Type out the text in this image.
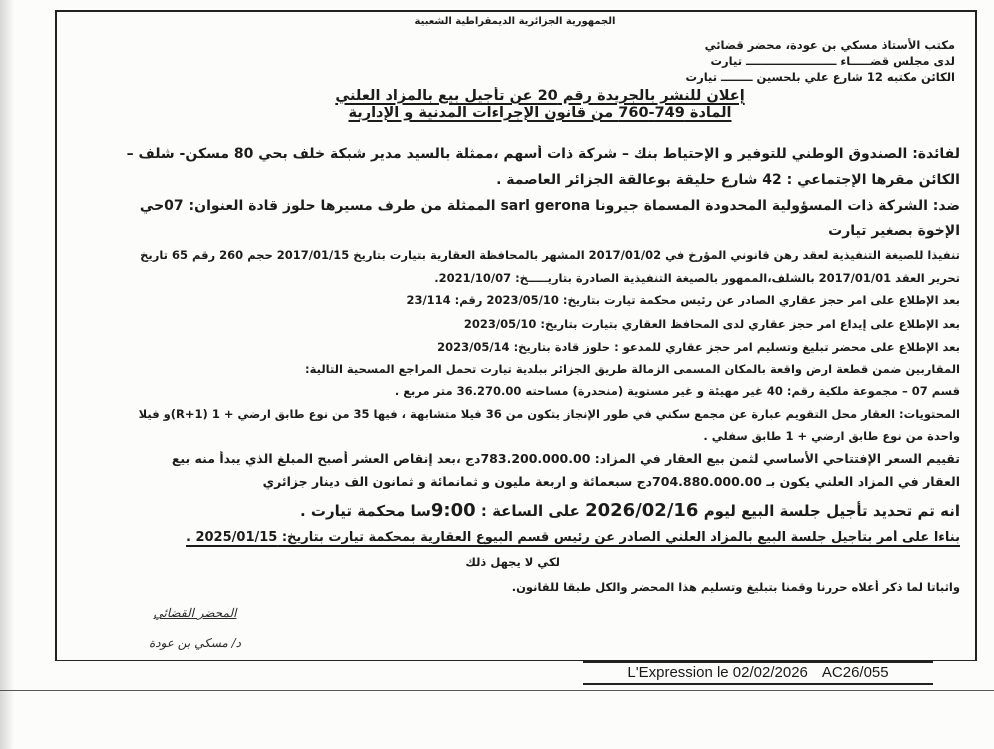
الجمهورية الجزائرية الديمقراطية الشعبية
مكتب الأستاذ مسكي بن عودة، محضر قضائي
لدى مجلس قضـــــاء ـــــــــــــــــــــــ تيارت
الكائن مكتبه 12 شارع علي بلحسين ــــــــ تيارت
إعلان للنشر بالجريدة رقم 20 عن تأجيل بيع بالمزاد العلني
المادة 749-760 من قانون الإجراءات المدنية و الإدارية
لفائدة: الصندوق الوطني للتوفير و الإحتياط بنك – شركة ذات أسهم ،ممثلة بالسيد مدير شبكة خلف بحي 80 مسكن- شلف –
الكائن مقرها الإجتماعي : 42 شارع حليقة بوعالقة الجزائر العاصمة .
ضد: الشركة ذات المسؤولية المحدودة المسماة جيرونا sarl gerona الممثلة من طرف مسيرها حلوز قادة العنوان: 07حي
الإخوة بصغير تيارت
تنفيذا للصيغة التنفيذية لعقد رهن قانوني المؤرخ في 2017/01/02 المشهر بالمحافظة العقارية بتيارت بتاريخ 2017/01/15 حجم 260 رقم 65 تاريخ
تحرير العقد 2017/01/01 بالشلف،الممهور بالصيغة التنفيذية الصادرة بتاريـــــخ: 2021/10/07.
بعد الإطلاع على امر حجز عقاري الصادر عن رئيس محكمة تيارت بتاريخ: 2023/05/10 رقم: 23/114
بعد الإطلاع على إيداع امر حجز عقاري لدى المحافظ العقاري بتيارت بتاريخ: 2023/05/10
بعد الإطلاع على محضر تبليغ وتسليم امر حجز عقاري للمدعو : حلوز قادة بتاريخ: 2023/05/14
المقاربين ضمن قطعة ارض واقعة بالمكان المسمى الزمالة طريق الجزائر ببلدية تيارت تحمل المراجع المسحية التالية:
قسم 07 – مجموعة ملكية رقم: 40 غير مهيئة و غير مستوية (منحدرة) مساحته 36.270.00 متر مربع .
المحتويات: العقار محل التقويم عبارة عن مجمع سكني في طور الإنجاز يتكون من 36 فيلا متشابهة ، فيها 35 من نوع طابق ارضي + 1 (R+1)و فيلا
واحدة من نوع طابق ارضي + 1 طابق سفلي .
تقييم السعر الإفتتاحي الأساسي لثمن بيع العقار في المزاد: 783.200.000.00دج ،بعد إنقاص العشر أصبح المبلغ الذي يبدأ منه بيع
العقار في المزاد العلني يكون بـ 704.880.000.00دج سبعمائة و اربعة مليون و ثمانمائة و ثمانون الف دينار جزائري
انه تم تحديد تأجيل جلسة البيع ليوم 2026/02/16 على الساعة : 9:00سا محكمة تيارت .
بناءا على أمر بتأجيل جلسة البيع بالمزاد العلني الصادر عن رئيس قسم البيوع العقارية بمحكمة تيارت بتاريخ: 2025/01/15 .
لكي لا يجهل ذلك
واثباتا لما ذكر أعلاه حررنا وقمنا بتبليغ وتسليم هذا المحضر والكل طبقا للقانون.
المحضر القضائي
د/ مسكي بن عودة
L'Expression le 02/02/2026 AC26/055
